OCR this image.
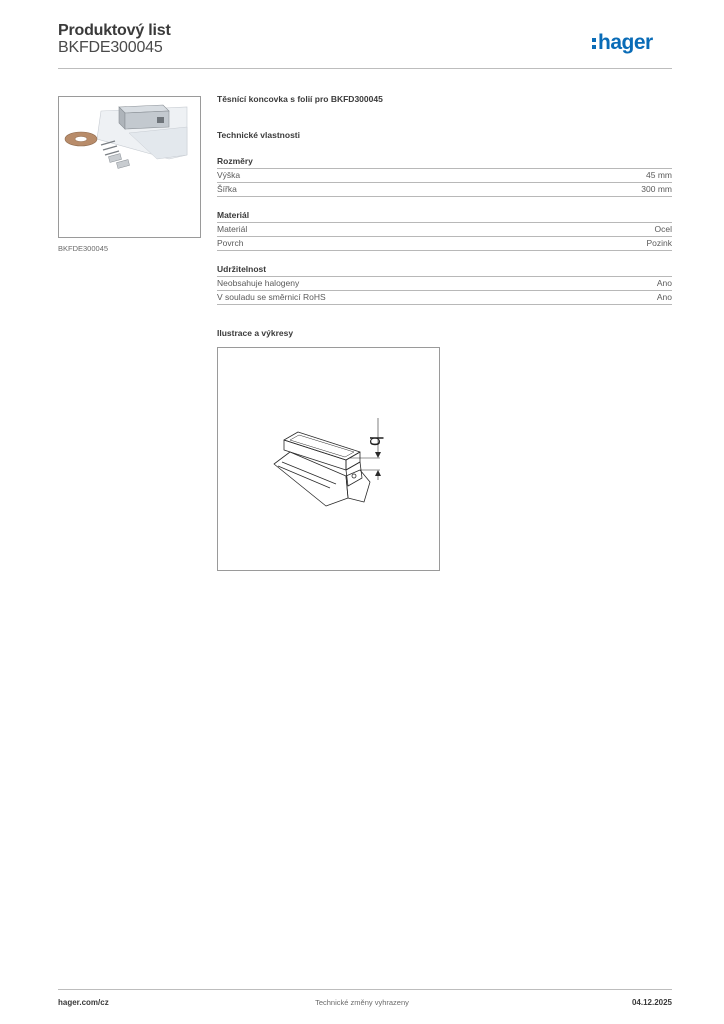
Produktový list
BKFDE300045	hager
BKFDE300045
Těsnící koncovka s folií pro BKFD300045
Technické vlastnosti
Rozměry
Výška	45 mm
Šířka	300 mm
Materiál
Materiál	Ocel
Povrch	Pozink
Udržitelnost
Neobsahuje halogeny	Ano
V souladu se směrnicí RoHS	Ano
Ilustrace a výkresy
b
hager.com/cz	Technické změny vyhrazeny	04.12.2025
